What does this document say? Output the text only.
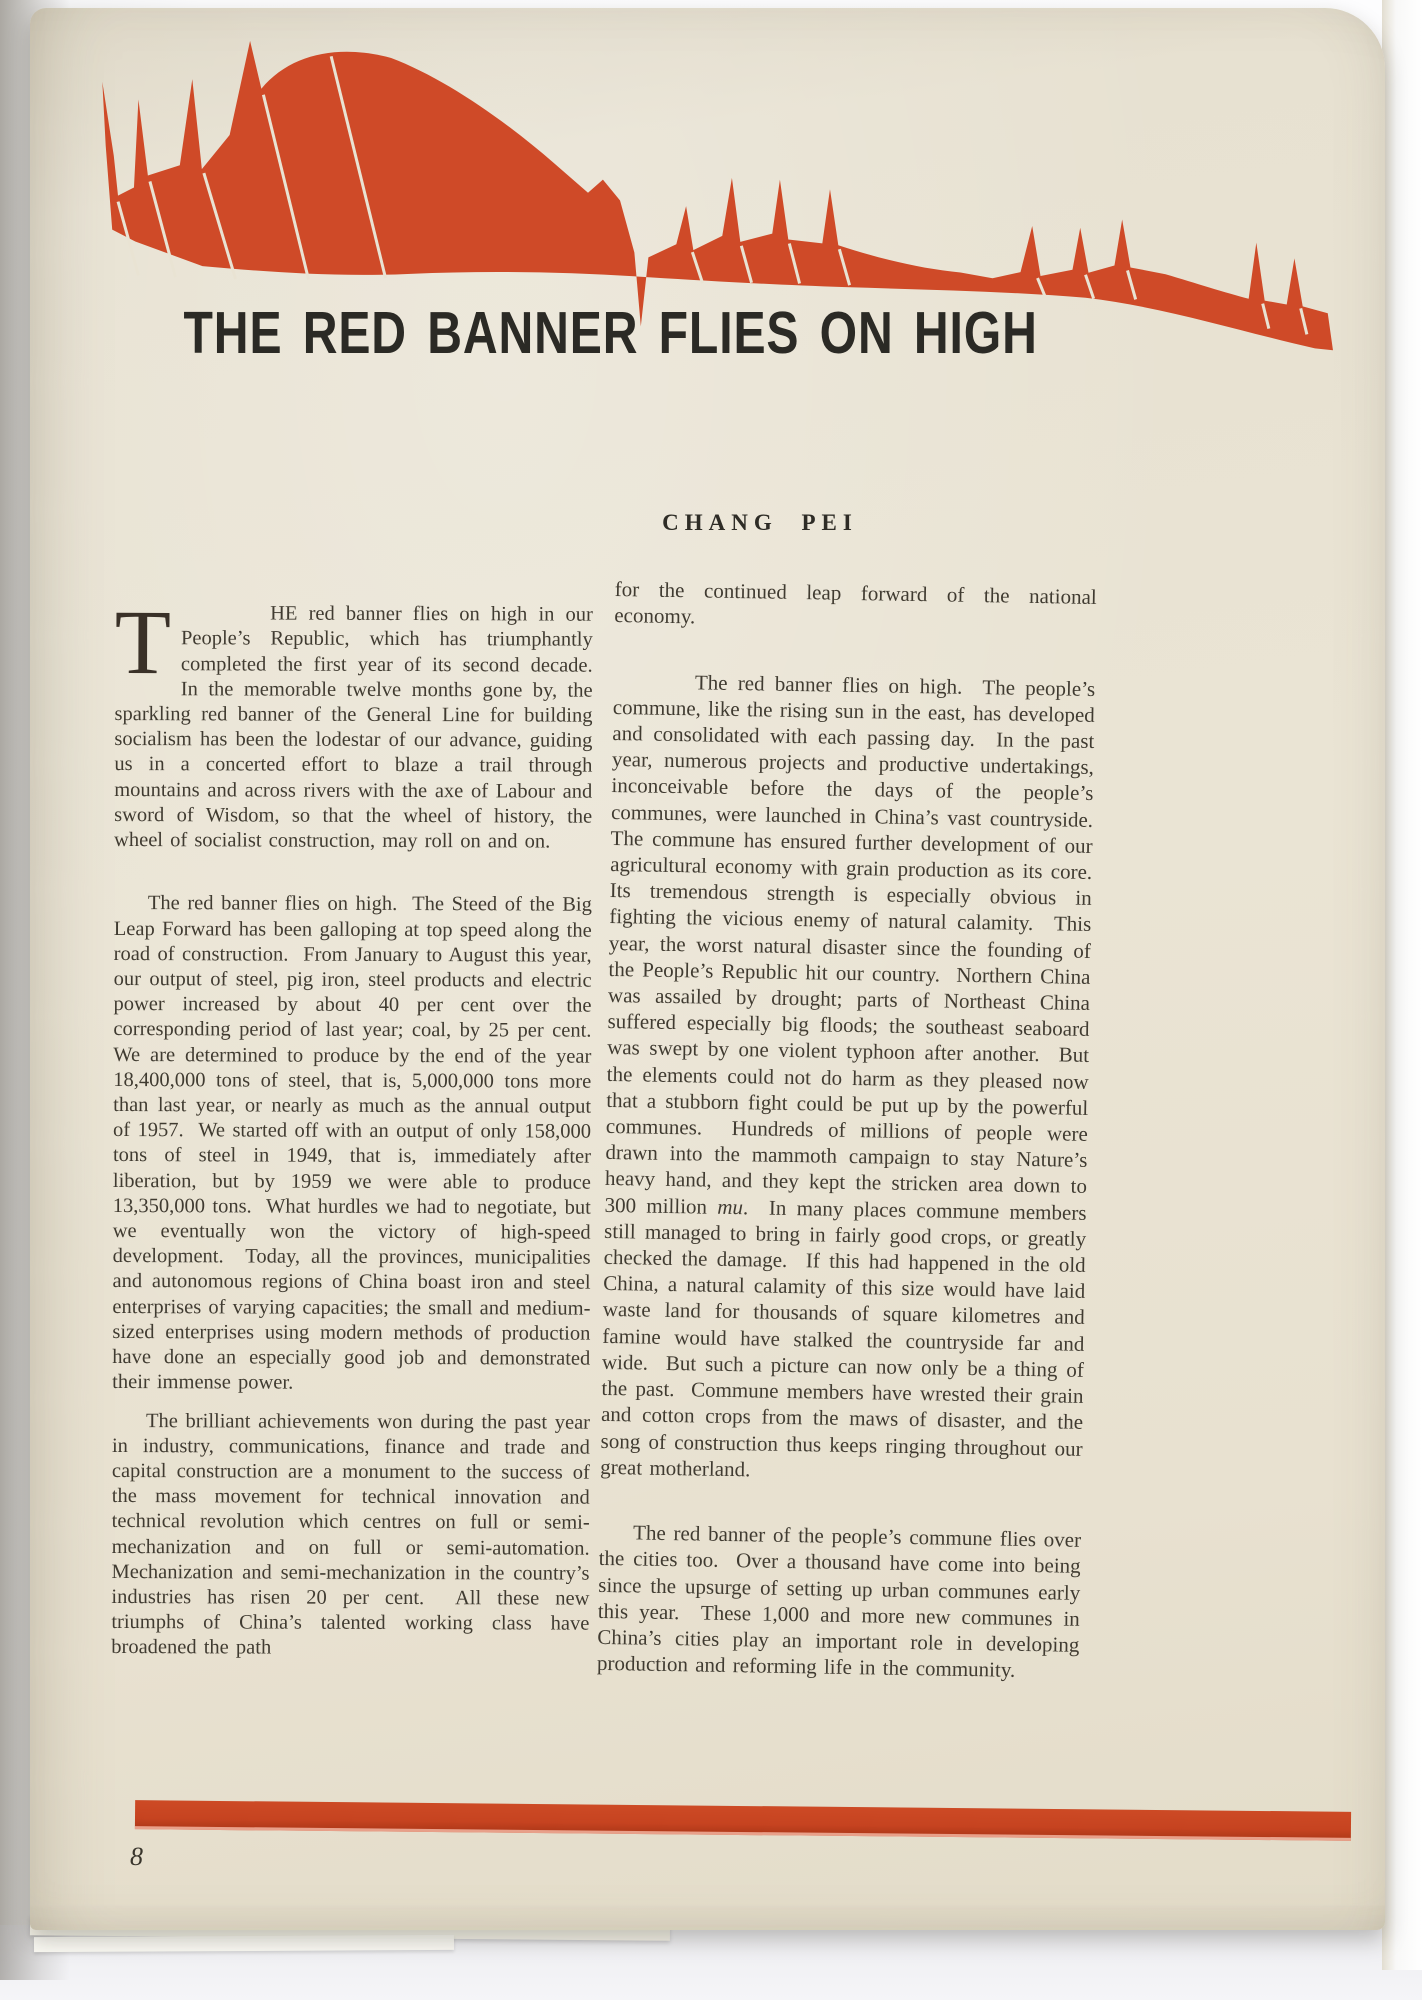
THE RED BANNER FLIES ON HIGH
CHANG PEI

T	HE red banner flies on high in our People’s Republic, which has triumphantly completed the first year of its second decade.  In the memorable twelve months gone by, the sparkling red banner of the General Line for building socialism has been the lodestar of our advance, guiding us in a concerted effort to blaze a trail through mountains and across rivers with the axe of Labour and sword of Wisdom, so that the wheel of history, the wheel of socialist construction, may roll on and on.

The red banner flies on high.  The Steed of the Big Leap Forward has been galloping at top speed along the road of construction.  From January to August this year, our output of steel, pig iron, steel products and electric power increased by about 40 per cent over the corresponding period of last year; coal, by 25 per cent.  We are determined to produce by the end of the year 18,400,000 tons of steel, that is, 5,000,000 tons more than last year, or nearly as much as the annual output of 1957.  We started off with an output of only 158,000 tons of steel in 1949, that is, immediately after liberation, but by 1959 we were able to produce 13,350,000 tons.  What hurdles we had to negotiate, but we eventually won the victory of high-speed development.  Today, all the provinces, municipalities and autonomous regions of China boast iron and steel enterprises of varying capacities; the small and medium-sized enterprises using modern methods of production have done an especially good job and demonstrated their immense power.

The brilliant achievements won during the past year in industry, communications, finance and trade and capital construction are a monument to the success of the mass movement for technical innovation and technical revolution which centres on full or semi-mechanization and on full or semi-automation.  Mechanization and semi-mechanization in the country’s industries has risen 20 per cent.  All these new triumphs of China’s talented working class have broadened the path

for the continued leap forward of the national economy.

The red banner flies on high.  The people’s commune, like the rising sun in the east, has developed and consolidated with each passing day.  In the past year, numerous projects and productive undertakings, inconceivable before the days of the people’s communes, were launched in China’s vast countryside.  The commune has ensured further development of our agricultural economy with grain production as its core.  Its tremendous strength is especially obvious in fighting the vicious enemy of natural calamity.  This year, the worst natural disaster since the founding of the People’s Republic hit our country.  Northern China was assailed by drought; parts of Northeast China suffered especially big floods; the southeast seaboard was swept by one violent typhoon after another.  But the elements could not do harm as they pleased now that a stubborn fight could be put up by the powerful communes.  Hundreds of millions of people were drawn into the mammoth campaign to stay Nature’s heavy hand, and they kept the stricken area down to 300 million mu.  In many places commune members still managed to bring in fairly good crops, or greatly checked the damage.  If this had happened in the old China, a natural calamity of this size would have laid waste land for thousands of square kilometres and famine would have stalked the countryside far and wide.  But such a picture can now only be a thing of the past.  Commune members have wrested their grain and cotton crops from the maws of disaster, and the song of construction thus keeps ringing throughout our great motherland.

The red banner of the people’s commune flies over the cities too.  Over a thousand have come into being since the upsurge of setting up urban communes early this year.  These 1,000 and more new communes in China’s cities play an important role in developing production and reforming life in the community.

8
